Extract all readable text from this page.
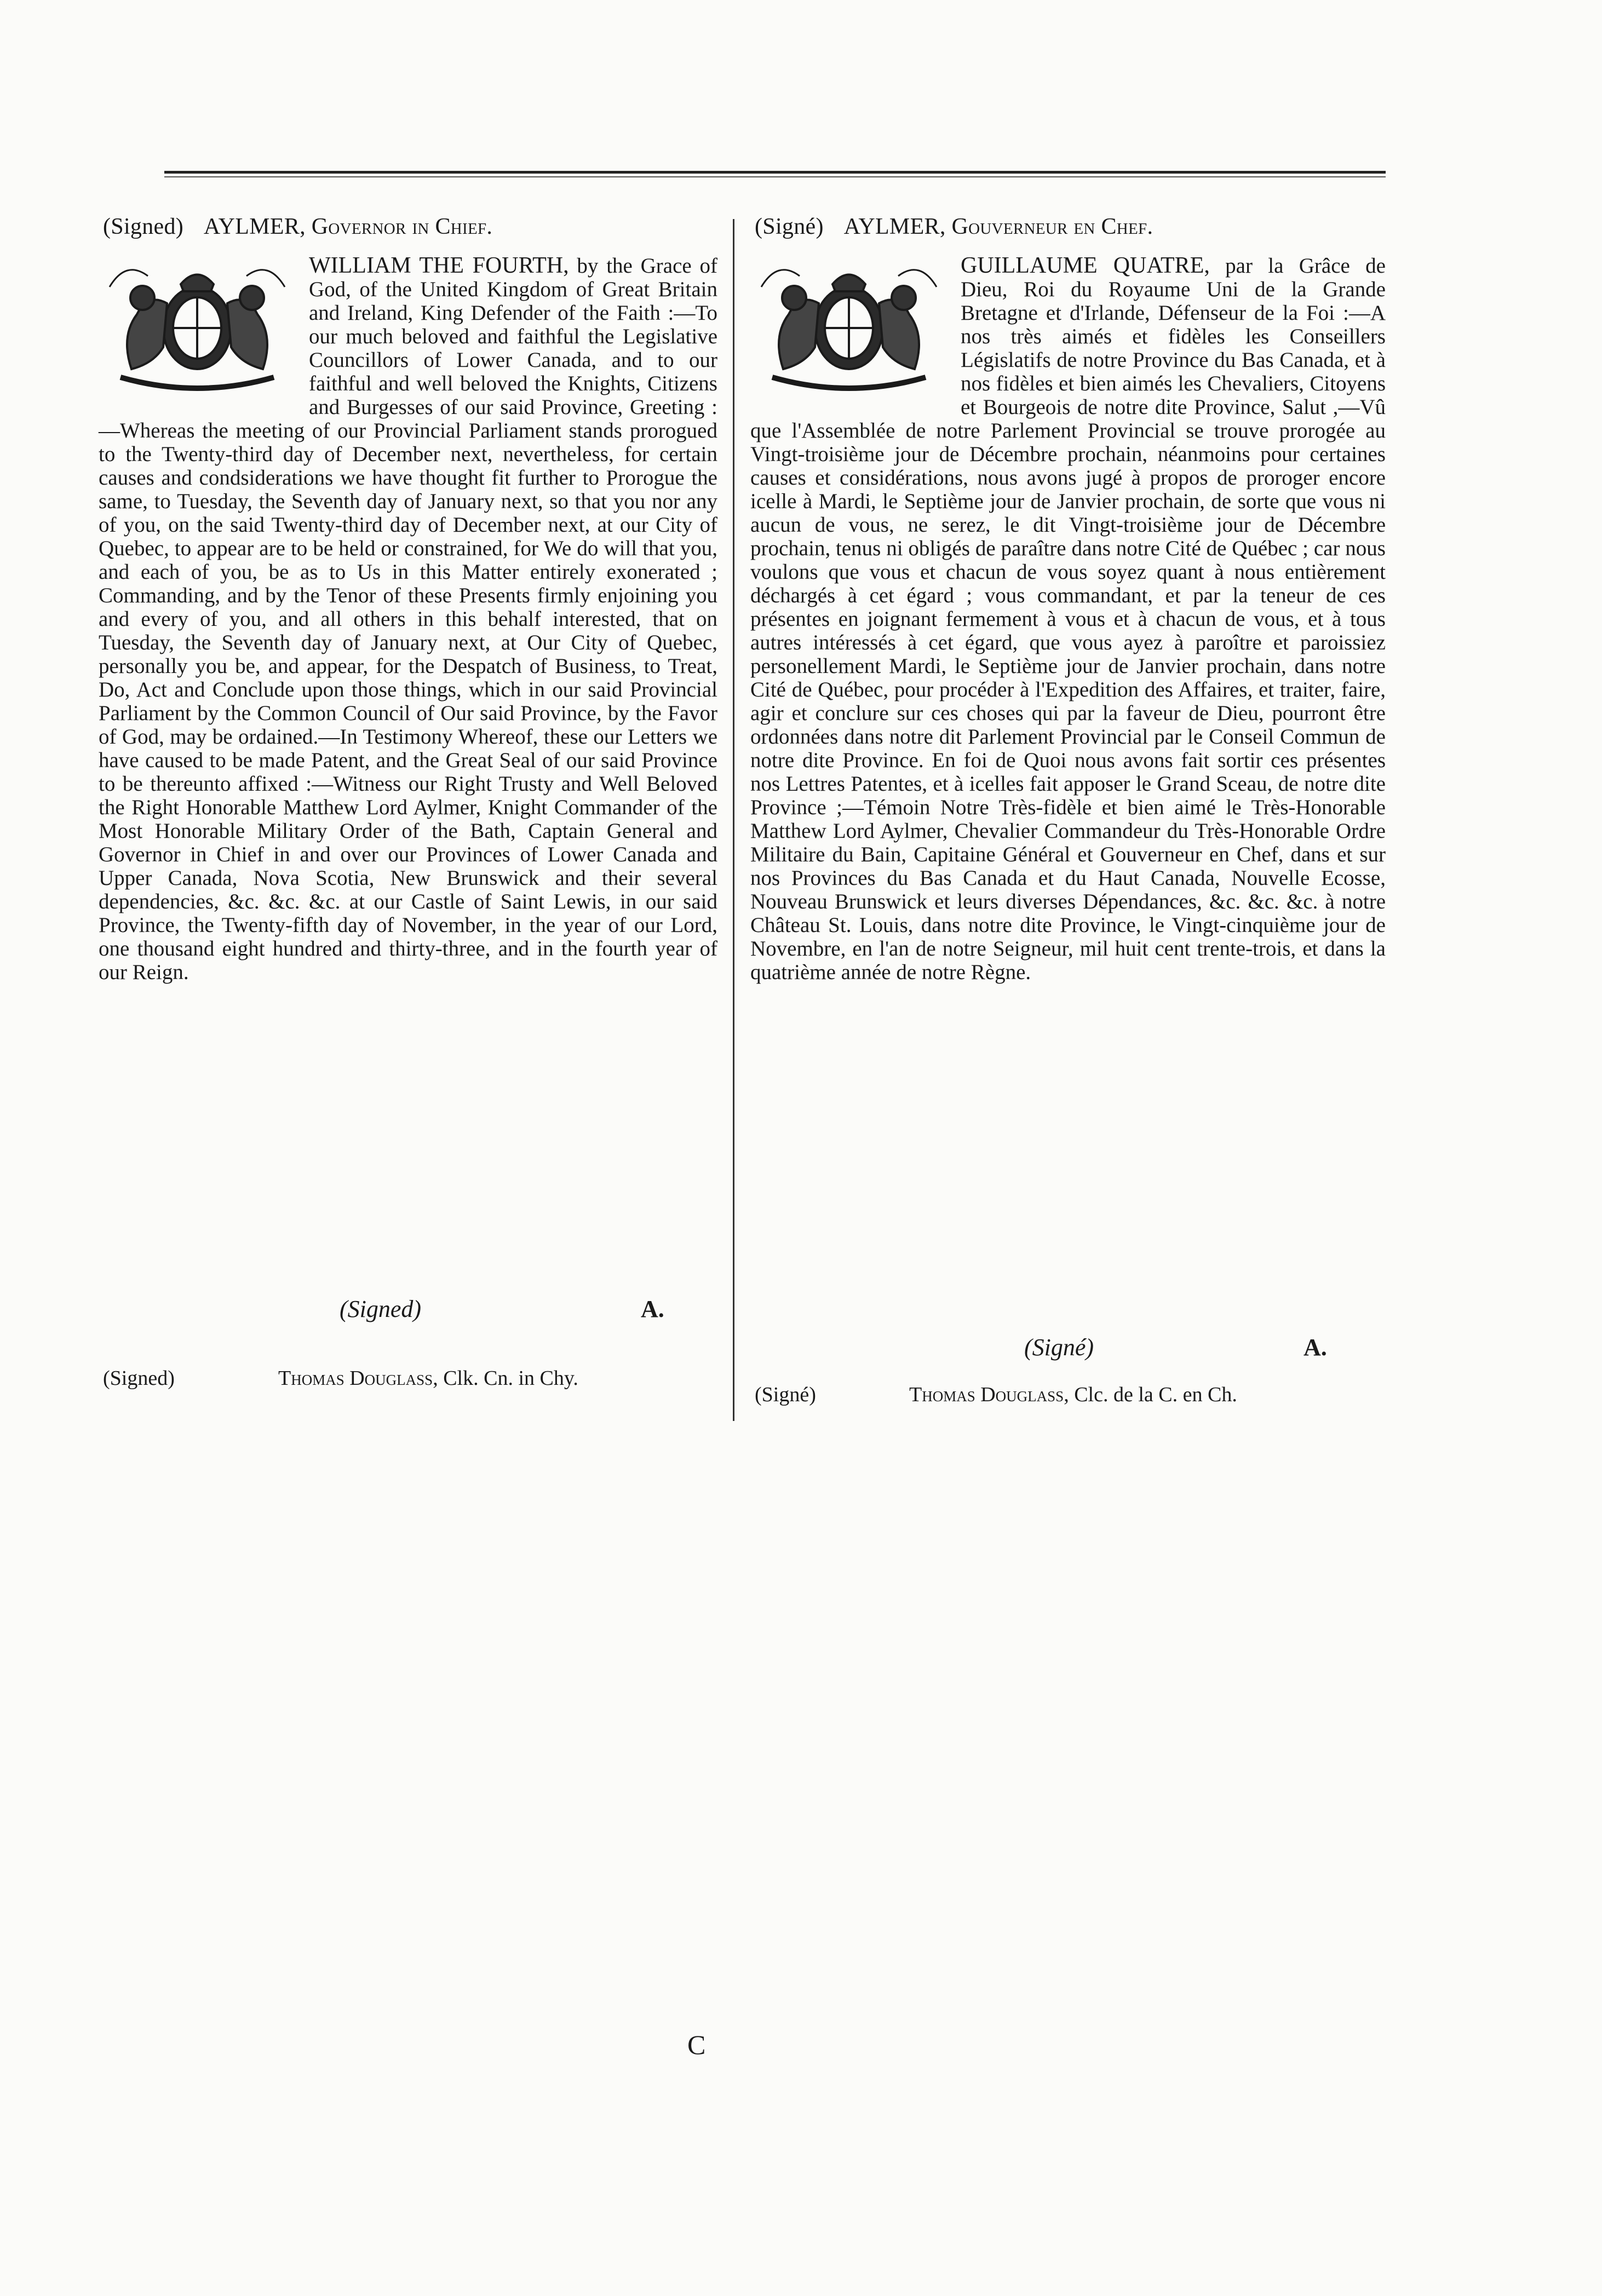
(Signed) AYLMER, Governor in Chief.

WILLIAM THE FOURTH, by the Grace of God, of the United Kingdom of Great Britain and Ireland, King Defender of the Faith :—To our much beloved and faithful the Legislative Councillors of Lower Canada, and to our faithful and well beloved the Knights, Citizens and Burgesses of our said Province, Greeting :—Whereas the meeting of our Provincial Parliament stands prorogued to the Twenty-third day of December next, nevertheless, for certain causes and condsiderations we have thought fit further to Prorogue the same, to Tuesday, the Seventh day of January next, so that you nor any of you, on the said Twenty-third day of December next, at our City of Quebec, to appear are to be held or constrained, for We do will that you, and each of you, be as to Us in this Matter entirely exonerated ; Commanding, and by the Tenor of these Presents firmly enjoining you and every of you, and all others in this behalf interested, that on Tuesday, the Seventh day of January next, at Our City of Quebec, personally you be, and appear, for the Despatch of Business, to Treat, Do, Act and Conclude upon those things, which in our said Provincial Parliament by the Common Council of Our said Province, by the Favor of God, may be ordained.—In Testimony Whereof, these our Letters we have caused to be made Patent, and the Great Seal of our said Province to be thereunto affixed :—Witness our Right Trusty and Well Beloved the Right Honorable Matthew Lord Aylmer, Knight Commander of the Most Honorable Military Order of the Bath, Captain General and Governor in Chief in and over our Provinces of Lower Canada and Upper Canada, Nova Scotia, New Brunswick and their several dependencies, &c. &c. &c. at our Castle of Saint Lewis, in our said Province, the Twenty-fifth day of November, in the year of our Lord, one thousand eight hundred and thirty-three, and in the fourth year of our Reign.

(Signed)	A.
(Signed)	Thomas Douglass, Clk. Cn. in Chy.
(Signé) AYLMER, Gouverneur en Chef.

GUILLAUME QUATRE, par la Grâce de Dieu, Roi du Royaume Uni de la Grande Bretagne et d'Irlande, Défenseur de la Foi :—A nos très aimés et fidèles les Conseillers Législatifs de notre Province du Bas Canada, et à nos fidèles et bien aimés les Chevaliers, Citoyens et Bourgeois de notre dite Province, Salut ,—Vû que l'Assemblée de notre Parlement Provincial se trouve prorogée au Vingt-troisième jour de Décembre prochain, néanmoins pour certaines causes et considérations, nous avons jugé à propos de proroger encore icelle à Mardi, le Septième jour de Janvier prochain, de sorte que vous ni aucun de vous, ne serez, le dit Vingt-troisième jour de Décembre prochain, tenus ni obligés de paraître dans notre Cité de Québec ; car nous voulons que vous et chacun de vous soyez quant à nous entièrement déchargés à cet égard ; vous commandant, et par la teneur de ces présentes en joignant fermement à vous et à chacun de vous, et à tous autres intéressés à cet égard, que vous ayez à paroître et paroissiez personellement Mardi, le Septième jour de Janvier prochain, dans notre Cité de Québec, pour procéder à l'Expedition des Affaires, et traiter, faire, agir et conclure sur ces choses qui par la faveur de Dieu, pourront être ordonnées dans notre dit Parlement Provincial par le Conseil Commun de notre dite Province. En foi de Quoi nous avons fait sortir ces présentes nos Lettres Patentes, et à icelles fait apposer le Grand Sceau, de notre dite Province ;—Témoin Notre Très-fidèle et bien aimé le Très-Honorable Matthew Lord Aylmer, Chevalier Commandeur du Très-Honorable Ordre Militaire du Bain, Capitaine Général et Gouverneur en Chef, dans et sur nos Provinces du Bas Canada et du Haut Canada, Nouvelle Ecosse, Nouveau Brunswick et leurs diverses Dépendances, &c. &c. &c. à notre Château St. Louis, dans notre dite Province, le Vingt-cinquième jour de Novembre, en l'an de notre Seigneur, mil huit cent trente-trois, et dans la quatrième année de notre Règne.

(Signé)	A.
(Signé)	Thomas Douglass, Clc. de la C. en Ch.
C
